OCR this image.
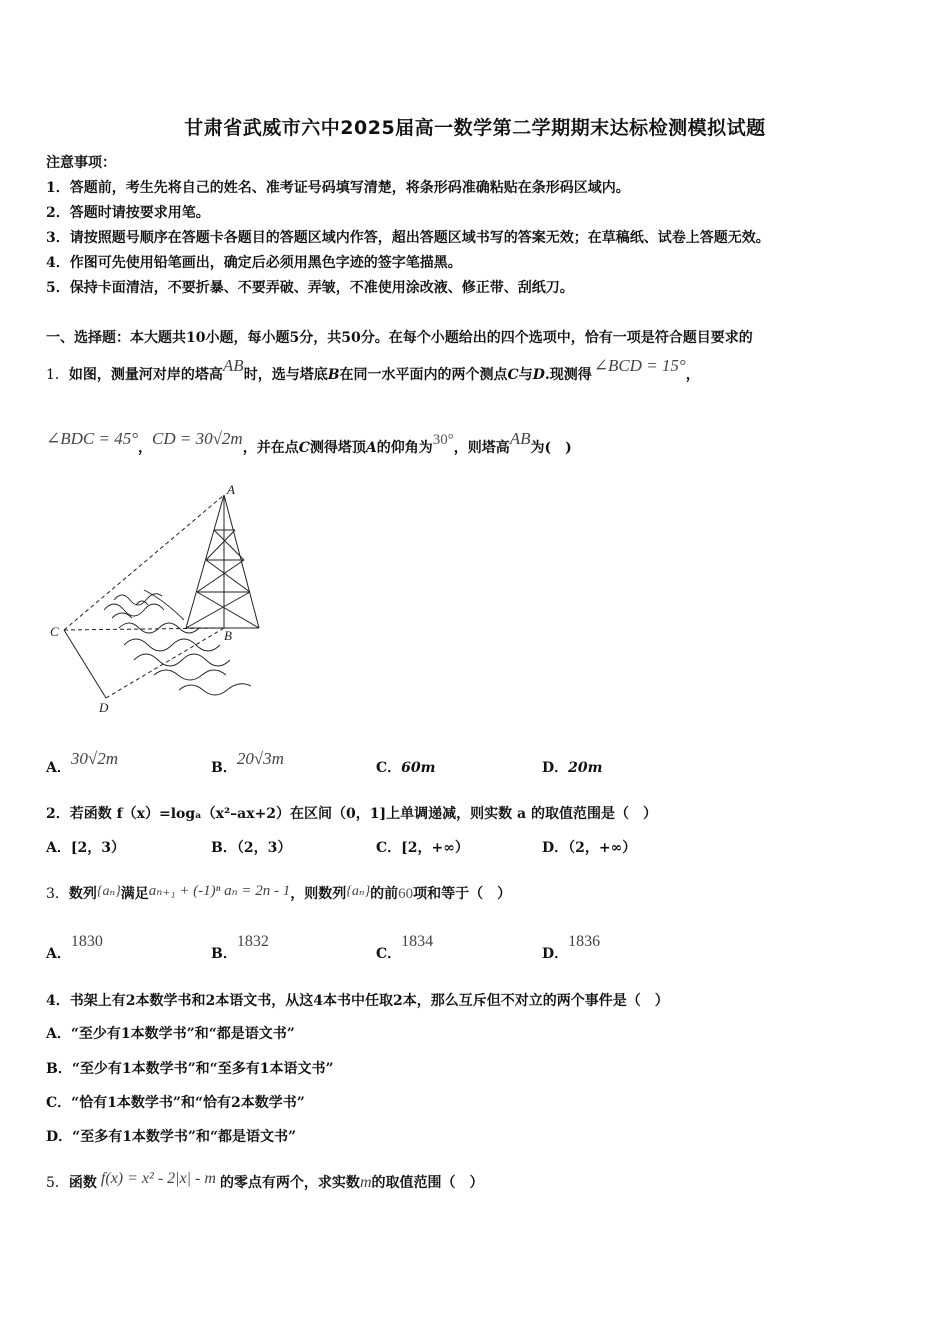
甘肃省武威市六中2025届高一数学第二学期期末达标检测模拟试题
注意事项：
1．答题前，考生先将自己的姓名、准考证号码填写清楚，将条形码准确粘贴在条形码区域内。
2．答题时请按要求用笔。
3．请按照题号顺序在答题卡各题目的答题区域内作答，超出答题区域书写的答案无效；在草稿纸、试卷上答题无效。
4．作图可先使用铅笔画出，确定后必须用黑色字迹的签字笔描黑。
5．保持卡面清洁，不要折暴、不要弄破、弄皱，不准使用涂改液、修正带、刮纸刀。
一、选择题：本大题共10小题，每小题5分，共50分。在每个小题给出的四个选项中，恰有一项是符合题目要求的
1．如图，测量河对岸的塔高AB时，选与塔底B在同一水平面内的两个测点C与D.现测得 ∠BCD = 15°，
∠BDC = 45°，CD = 30√2m，并在点C测得塔顶A的仰角为30°，则塔高AB为(　)
A
B
C
D
A．30√2m	B．20√3m	C．60m	D．20m
2．若函数 f（x）=logₐ（x²–ax+2）在区间（0，1]上单调递减，则实数 a 的取值范围是（　）
A．[2，3）	B．（2，3）	C．[2，+∞）	D．（2，+∞）
3．数列{aₙ}满足aₙ₊₁ + (-1)ⁿ aₙ = 2n - 1，则数列{aₙ}的前60项和等于（　）
A．1830
B．1832
C．1834
D．1836
4．书架上有2本数学书和2本语文书，从这4本书中任取2本，那么互斥但不对立的两个事件是（　）
A．“至少有1本数学书”和“都是语文书”
B．“至少有1本数学书”和“至多有1本语文书”
C．“恰有1本数学书”和“恰有2本数学书”
D．“至多有1本数学书”和“都是语文书”
5．函数 f(x) = x² - 2|x| - m 的零点有两个，求实数m的取值范围（　）
